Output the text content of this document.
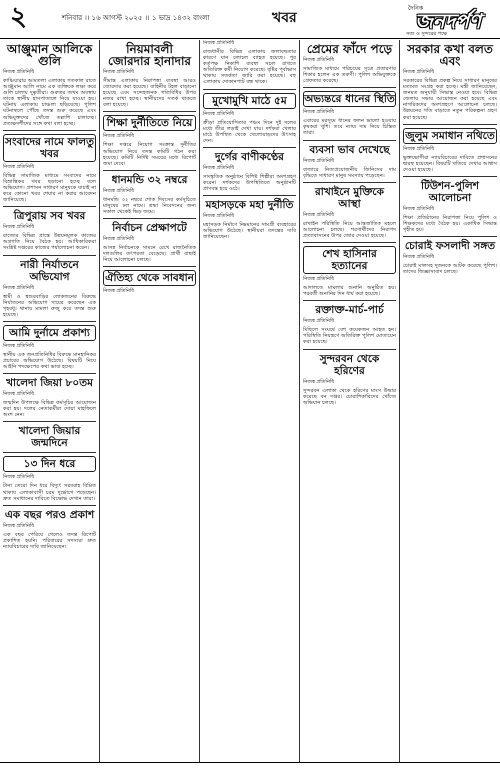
২	শনিবার ।। ১৬ আগস্ট ২০২৫ ।। ১ ভাদ্র ১৪৩২ বাংলা	খবর
দৈনিক
জনদর্পণ
সত্য ও সুন্দরের পক্ষে
আঞ্জুমান আলিকে গুলি
নিজস্ব প্রতিনিধি
কাঞ্চিয়ারার আমতলা এলাকায় গতকাল রাতে আঞ্জুমান আলি নামে এক ব্যক্তিকে লক্ষ্য করে গুলি চালায় দুষ্কৃতীরা। গুরুতর জখম অবস্থায় তাকে স্থানীয় হাসপাতালে নিয়ে যাওয়া হয়। ঘটনায় এলাকায় চাঞ্চল্য ছড়িয়েছে। পুলিশ ঘটনাস্থলে পৌঁছে তদন্ত শুরু করেছে এবং অভিযুক্তদের খোঁজে তল্লাশি চালাচ্ছে। প্রত্যক্ষদর্শীদের সঙ্গে কথা বলা হচ্ছে।
সংবাদের নামে ফালতু খবর
নিজস্ব প্রতিনিধি
বিভিন্ন সামাজিক মাধ্যমে সংবাদের নামে বিভ্রান্তিকর খবর ছড়ানো হচ্ছে বলে অভিযোগ। প্রশাসন সাধারণ মানুষকে যাচাই না করে কোনো খবর শেয়ার না করার আবেদন জানিয়েছে।
ত্রিপুরায় সব খবর
নিজস্ব প্রতিনিধি
রাজ্যের বিভিন্ন প্রান্তে উন্নয়নমূলক কাজের অগ্রগতি নিয়ে বৈঠক হয়। আধিকারিকরা সংশ্লিষ্ট দপ্তরের কাজের পর্যালোচনা করেন।
নারী নির্যাতনে অভিযোগ
নিজস্ব প্রতিনিধি
স্বামী ও শ্বশুরবাড়ির লোকজনের বিরুদ্ধে নির্যাতনের অভিযোগ দায়ের করেছেন এক গৃহবধূ। থানায় মামলা রুজু করে তদন্ত শুরু হয়েছে।
আমি দুর্নামে প্রকাশ্য
নিজস্ব প্রতিনিধি
স্থানীয় এক জনপ্রতিনিধির বিরুদ্ধে মানহানিকর প্রচারের অভিযোগ উঠেছে। বিষয়টি নিয়ে আইনি পদক্ষেপের কথা ভাবা হচ্ছে।
খালেদা জিয়া ৮০তম
নিজস্ব প্রতিনিধি
জন্মদিন উপলক্ষে বিভিন্ন কর্মসূচির আয়োজন করা হয়। দলের নেতাকর্মীরা দোয়া মাহফিলে অংশ নেন।
খালেদা জিয়ার জন্মদিনে
১৩ দিন ধরে
নিজস্ব প্রতিনিধি
টানা তেরো দিন ধরে বিদ্যুৎ সরবরাহ বিঘ্নিত থাকায় এলাকাবাসী চরম দুর্ভোগে পড়েছেন। দ্রুত সমাধানের দাবিতে বিক্ষোভ দেখান তারা।
এক বছর পরও প্রকাশ
নিজস্ব প্রতিনিধি
এক বছর পেরিয়ে গেলেও তদন্ত রিপোর্ট প্রকাশিত হয়নি। পরিবারের সদস্যরা দ্রুত ন্যায়বিচারের দাবি জানিয়েছেন।
নিয়মাবলী জোরদার হানাদার
নিজস্ব প্রতিনিধি
সীমান্ত এলাকায় নিরাপত্তা ব্যবস্থা আরও জোরদার করা হয়েছে। বাহিনীর টহল বাড়ানো হয়েছে এবং সন্দেহজনক গতিবিধির উপর নজর রাখা হচ্ছে। স্থানীয়দের সতর্ক থাকতে বলা হয়েছে।
শিক্ষা দুর্নীতিতে নিয়ে
নিজস্ব প্রতিনিধি
শিক্ষা দপ্তরে নিয়োগ সংক্রান্ত দুর্নীতির অভিযোগ নিয়ে তদন্ত কমিটি গঠন করা হয়েছে। কমিটি নির্দিষ্ট সময়ের মধ্যে রিপোর্ট জমা দেবে।
ধানমন্ডি ৩২ নম্বরে
নিজস্ব প্রতিনিধি
ধানমন্ডি ৩২ নম্বরে শোক দিবসের কর্মসূচিতে মানুষের ঢল নামে। শ্রদ্ধা নিবেদনের জন্য সকাল থেকেই ভিড় জমে।
নির্বাচন প্রেক্ষাপটে
নিজস্ব প্রতিনিধি
আসন্ন নির্বাচনকে সামনে রেখে রাজনৈতিক দলগুলির তৎপরতা বেড়েছে। প্রার্থী বাছাই নিয়ে আলোচনা চলছে।
ঐতিহ্য থেকে সাবধান
নিজস্ব প্রতিনিধি
নিজস্ব প্রতিনিধি
রাজধানীর বিভিন্ন এলাকায় জলাবদ্ধতার কারণে যান চলাচল ব্যাহত হয়েছে। পুর কর্তৃপক্ষ নিকাশি ব্যবস্থা সচল রাখতে অতিরিক্ত কর্মী নিয়োগ করেছে। বৃষ্টির পূর্বাভাস থাকায় সতর্কতা জারি করা হয়েছে। বহু এলাকায় দোকানপাট বন্ধ থাকে।
মুখোমুখি মাঠে ৫ম
নিজস্ব প্রতিনিধি
ক্রীড়া প্রতিযোগিতার পঞ্চম দিনে দুই দলের মধ্যে তীব্র লড়াই দেখা যায়। দর্শকরা খেলার মাঠে উপস্থিত থেকে খেলোয়াড়দের উৎসাহ দেন।
দুর্গের বাণীকণ্ঠের
নিজস্ব প্রতিনিধি
সাংস্কৃতিক অনুষ্ঠানে বিশিষ্ট শিল্পীরা অংশগ্রহণ করেন। দর্শকদের উপস্থিতিতে অনুষ্ঠানটি প্রাণবন্ত হয়ে ওঠে।
মহাসড়কে মহা দুর্নীতি
নিজস্ব প্রতিনিধি
মহাসড়ক নির্মাণে নিম্নমানের সামগ্রী ব্যবহারের অভিযোগ উঠেছে। স্থানীয়রা তদন্তের দাবি জানিয়েছেন।
প্রেমের ফাঁদে পড়ে
নিজস্ব প্রতিনিধি
সামাজিক মাধ্যমে পরিচয়ের সূত্রে প্রতারণার শিকার হলেন এক তরুণী। পুলিশ অভিযুক্তকে গ্রেফতার করেছে।
অভ্যন্তরে ধানের স্থিতি
নিজস্ব প্রতিনিধি
এবারের মরসুমে ধানের ফলন ভালো হওয়ায় কৃষকরা খুশি। তবে ন্যায্য দাম নিয়ে চিন্তিত তারা।
ব্যবসা ভাব দেখেছে
নিজস্ব প্রতিনিধি
বাজারে নিত্যপ্রয়োজনীয় জিনিসের দাম বৃদ্ধিতে সাধারণ মানুষ সমস্যায় পড়েছেন।
রাখাইনে মুক্তিকে আস্থা
নিজস্ব প্রতিনিধি
রাখাইন পরিস্থিতি নিয়ে আন্তর্জাতিক মহলে আলোচনা চলছে। শরণার্থীদের নিরাপদ প্রত্যাবাসনের উপর জোর দেওয়া হয়েছে।
শেখ হাসিনার হত্যানের
নিজস্ব প্রতিনিধি
আদালতে মামলার শুনানি অনুষ্ঠিত হয়। পরবর্তী শুনানির দিন ধার্য করা হয়েছে।
রক্তাক্ত-মার্চ-পার্চ
নিজস্ব প্রতিনিধি
মিছিলে সংঘর্ষে বেশ কয়েকজন আহত হন। পরিস্থিতি নিয়ন্ত্রণে অতিরিক্ত পুলিশ মোতায়েন করা হয়েছে।
সুন্দরবন থেকে হরিণের
নিজস্ব প্রতিনিধি
সুন্দরবন এলাকা থেকে হরিণের মাংস উদ্ধার করেছে বন দপ্তর। চোরাশিকারিদের খোঁজে অভিযান চলছে।
সরকার কখা বলত এবং
নিজস্ব প্রতিনিধি
সরকারের বিভিন্ন প্রকল্প নিয়ে সাধারণ মানুষের মতামত সংগ্রহ করা হচ্ছে। মন্ত্রী জানিয়েছেন, জনমত অনুযায়ী সিদ্ধান্ত নেওয়া হবে। বিভিন্ন জেলায় সভার আয়োজন করা হয়েছে এবং নাগরিকদের অংশগ্রহণে আলোচনা চলছে। উন্নয়নের গতি বাড়াতে নতুন পরিকল্পনা গ্রহণ করা হয়েছে।
জুলুম সমাধান নথিতে
নিজস্ব প্রতিনিধি
ভুক্তভোগীরা ন্যায়বিচারের দাবিতে প্রশাসনের দ্বারস্থ হয়েছেন। বিষয়টি খতিয়ে দেখার আশ্বাস দেওয়া হয়েছে।
টিউশন-পুলিশ আলোচনা
নিজস্ব প্রতিনিধি
শিক্ষা প্রতিষ্ঠানের নিরাপত্তা নিয়ে পুলিশ ও শিক্ষকদের মধ্যে বৈঠক হয়। একাধিক সিদ্ধান্ত গৃহীত হয়।
চোরাই ফসলাদী সঙ্গত
নিজস্ব প্রতিনিধি
চোরাই মালসহ দুজনকে আটক করেছে পুলিশ। তাদের জিজ্ঞাসাবাদ চলছে।
